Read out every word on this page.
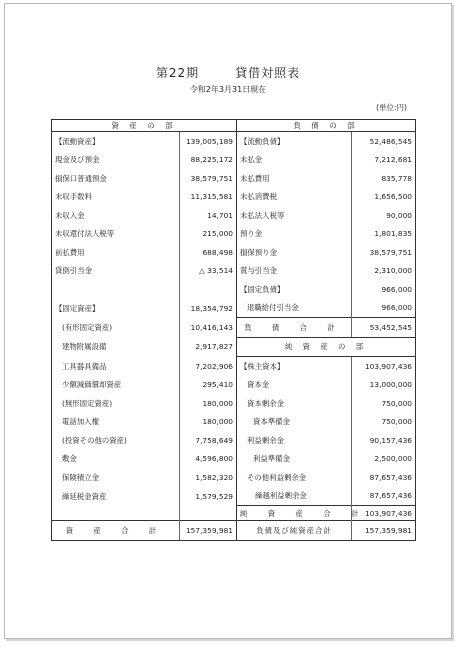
第22期	貸借対照表
令和2年3月31日現在
(単位:円)
資 産 の 部		負 債 の 部	
【流動資産】	139,005,189	【流動負債】	52,486,545
現金及び預金	88,225,172	未払金	7,212,681
損保口普通預金	38,579,751	未払費用	835,778
未収手数料	11,315,581	未払消費税	1,656,500
未収入金	14,701	未払法人税等	90,000
未収還付法人税等	215,000	預り金	1,801,835
前払費用	688,498	損保預り金	38,579,751
貸倒引当金	△ 33,514	賞与引当金	2,310,000
		【固定負債】	966,000
【固定資産】	18,354,792	退職給付引当金	966,000
(有形固定資産)	10,416,143	負 債 合 計	53,452,545
建物附属設備	2,917,827	純 資 産 の 部	
工具器具備品	7,202,906	【株主資本】	103,907,436
少額減価償却資産	295,410	資本金	13,000,000
(無形固定資産)	180,000	資本剰余金	750,000
電話加入権	180,000	資本準備金	750,000
(投資その他の資産)	7,758,649	利益剰余金	90,157,436
敷金	4,596,800	利益準備金	2,500,000
保険積立金	1,582,320	その他利益剰余金	87,657,436
繰延税金資産	1,579,529	繰越利益剰余金	87,657,436
		純 資 産 合 計	103,907,436
資 産 合 計	157,359,981	負債及び純資産合計	157,359,981
